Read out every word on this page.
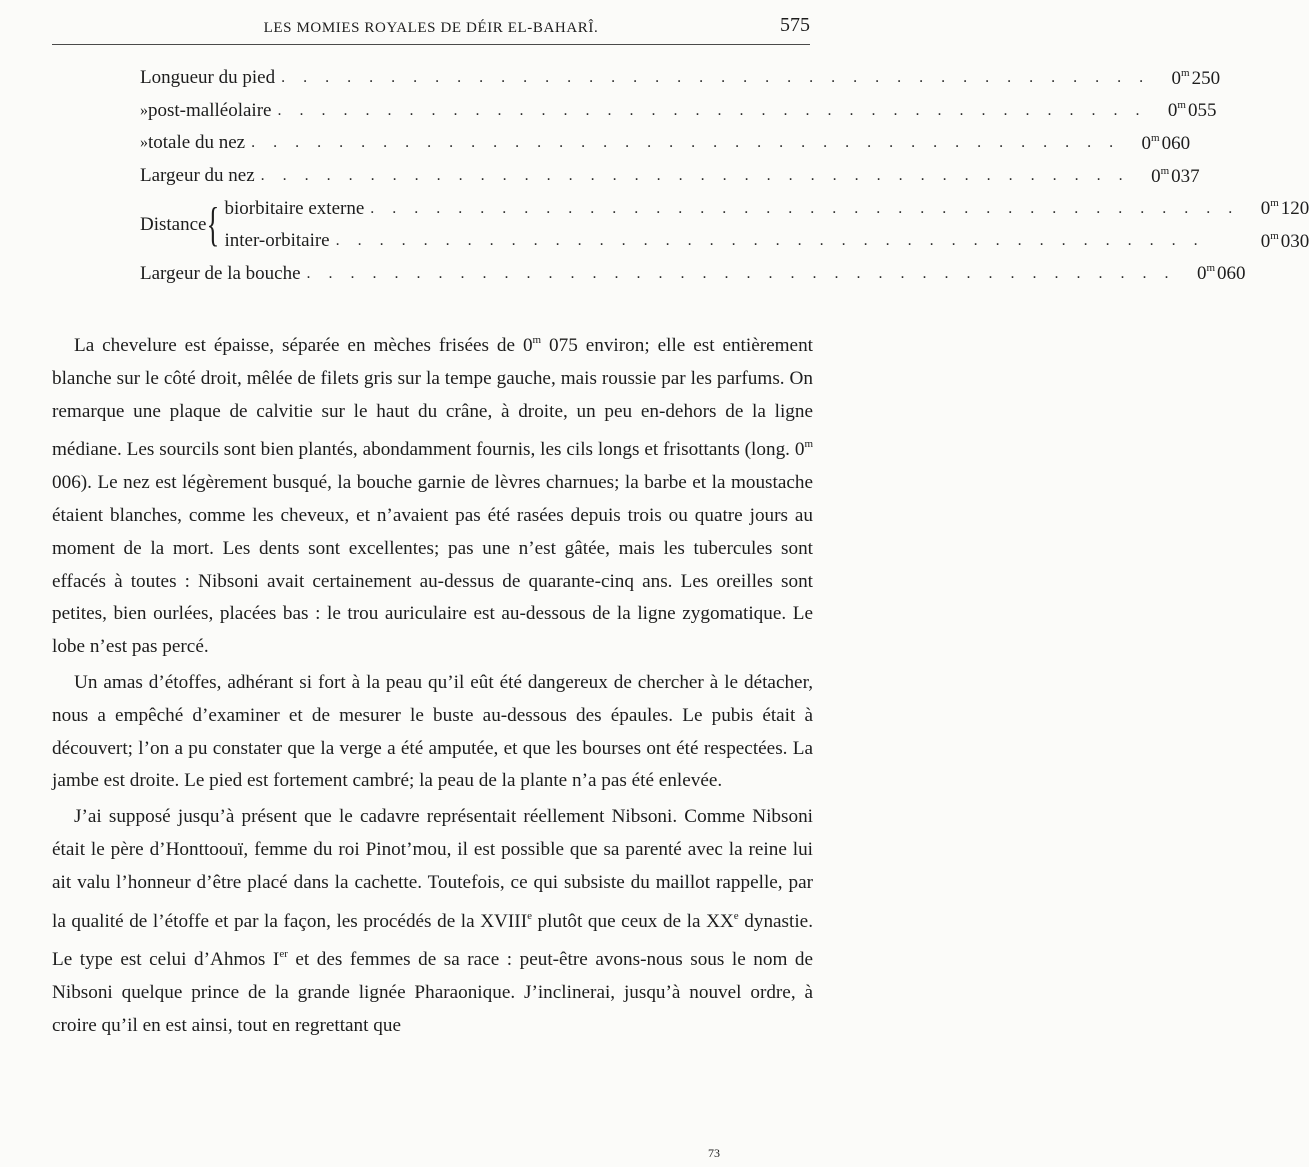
LES MOMIES ROYALES DE DÉIR EL-BAHARÎ.	575
Longueur du pied . . . . . . . . . . . . . . . . . . . . . . . . . . . . . . . . . . . . . . . .	0$^m$ 250
» post-malléolaire . . . . . . . . . . . . . . . . . . . . . . . . . . . . . . . . . . . . . . . .	0$^m$ 055
» totale du nez . . . . . . . . . . . . . . . . . . . . . . . . . . . . . . . . . . . . . . . .	0$^m$ 060
Largeur du nez . . . . . . . . . . . . . . . . . . . . . . . . . . . . . . . . . . . . . . . .	0$^m$ 037
Distance { biorbitaire externe . . . . . . . . . . . . . . . . . . . . . . . . . . . . . . . . . . . . . . . .	0$^m$ 120
inter-orbitaire . . . . . . . . . . . . . . . . . . . . . . . . . . . . . . . . . . . . . . . .	0$^m$ 030
Largeur de la bouche . . . . . . . . . . . . . . . . . . . . . . . . . . . . . . . . . . . . . . . .	0$^m$ 060

La chevelure est épaisse, séparée en mèches frisées de 0$^m$ 075 environ; elle est entièrement blanche sur le côté droit, mêlée de filets gris sur la tempe gauche, mais roussie par les parfums. On remarque une plaque de calvitie sur le haut du crâne, à droite, un peu en-dehors de la ligne médiane. Les sourcils sont bien plantés, abondamment fournis, les cils longs et frisottants (long. 0$^m$ 006). Le nez est légèrement busqué, la bouche garnie de lèvres charnues; la barbe et la moustache étaient blanches, comme les cheveux, et n’avaient pas été rasées depuis trois ou quatre jours au moment de la mort. Les dents sont excellentes; pas une n’est gâtée, mais les tubercules sont effacés à toutes : Nibsoni avait certainement au-dessus de quarante-cinq ans. Les oreilles sont petites, bien ourlées, placées bas : le trou auriculaire est au-dessous de la ligne zygomatique. Le lobe n’est pas percé.

Un amas d’étoffes, adhérant si fort à la peau qu’il eût été dangereux de chercher à le détacher, nous a empêché d’examiner et de mesurer le buste au-dessous des épaules. Le pubis était à découvert; l’on a pu constater que la verge a été amputée, et que les bourses ont été respectées. La jambe est droite. Le pied est fortement cambré; la peau de la plante n’a pas été enlevée.

J’ai supposé jusqu’à présent que le cadavre représentait réellement Nibsoni. Comme Nibsoni était le père d’Honttoouï, femme du roi Pinot’mou, il est possible que sa parenté avec la reine lui ait valu l’honneur d’être placé dans la cachette. Toutefois, ce qui subsiste du maillot rappelle, par la qualité de l’étoffe et par la façon, les procédés de la XVIIIe plutôt que ceux de la XXe dynastie. Le type est celui d’Ahmos Ier et des femmes de sa race : peut-être avons-nous sous le nom de Nibsoni quelque prince de la grande lignée Pharaonique. J’inclinerai, jusqu’à nouvel ordre, à croire qu’il en est ainsi, tout en regrettant que

73
